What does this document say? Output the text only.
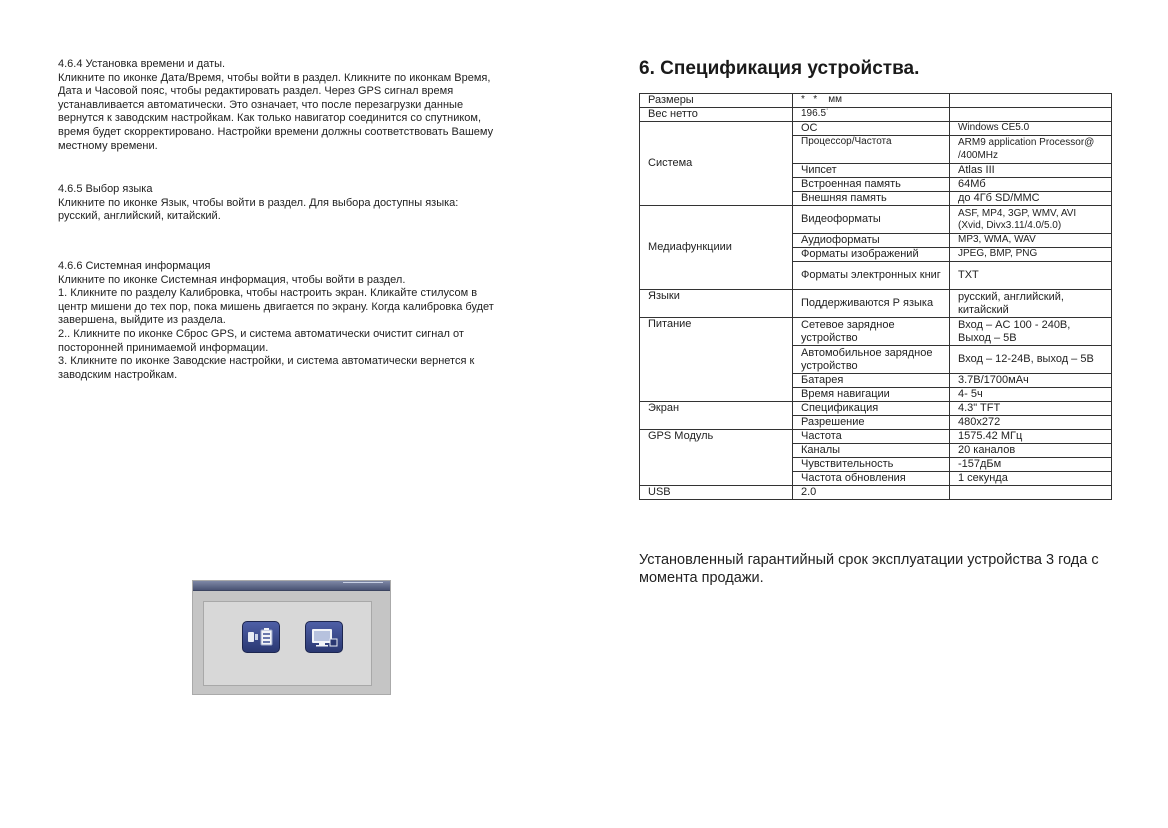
4.6.4 Установка времени и даты.

Кликните по иконке Дата/Время, чтобы войти в раздел. Кликните по иконкам Время, Дата и Часовой пояс, чтобы редактировать раздел. Через GPS сигнал время устанавливается автоматически. Это означает, что после перезагрузки данные вернутся к заводским настройкам. Как только навигатор соединится со спутником, время будет скорректировано. Настройки времени должны соответствовать Вашему местному времени.

4.6.5 Выбор языка

Кликните по иконке Язык, чтобы войти в раздел. Для выбора доступны языка: русский, английский, китайский.

4.6.6 Системная информация

Кликните по иконке Системная информация, чтобы войти в раздел.

1. Кликните по разделу Калибровка, чтобы настроить экран. Кликайте стилусом в центр мишени до тех пор, пока мишень двигается по экрану. Когда калибровка будет завершена, выйдите из раздела.

2.. Кликните по иконке Сброс GPS, и система автоматически очистит сигнал от посторонней принимаемой информации.

3. Кликните по иконке Заводские настройки, и система автоматически вернется к заводским настройкам.

6. Спецификация устройства.
Размеры	*   *    мм	
Вес нетто	196.5˙	
Система	ОС	Windows CE5.0
	Процессор/Частота	ARM9 application Processor@ /400MHz
	Чипсет	Atlas III
	Встроенная память	64Мб
	Внешняя память	до 4Гб SD/MMC
Медиафункциии	Видеоформаты	ASF, MP4, 3GP, WMV, AVI (Xvid, Divx3.11/4.0/5.0)
	Аудиоформаты	MP3, WMA, WAV
	Форматы изображений	JPEG, BMP, PNG
	Форматы электронных книг	TXT
Языки	Поддерживаются Р языка	русский, английский, китайский
Питание	Сетевое зарядное устройство	Вход – AC 100 - 240В, Выход – 5В
	Автомобильное зарядное устройство	Вход – 12-24В, выход – 5В
	Батарея	3.7В/1700мАч
	Время навигации	4- 5ч
Экран	Спецификация	4.3" TFT
	Разрешение	480x272
GPS Модуль	Частота	1575.42 МГц
	Каналы	20 каналов
	Чувствительность	-157дБм
	Частота обновления	1 секунда
USB	2.0	

Установленный гарантийный срок эксплуатации устройства 3 года с момента продажи.
